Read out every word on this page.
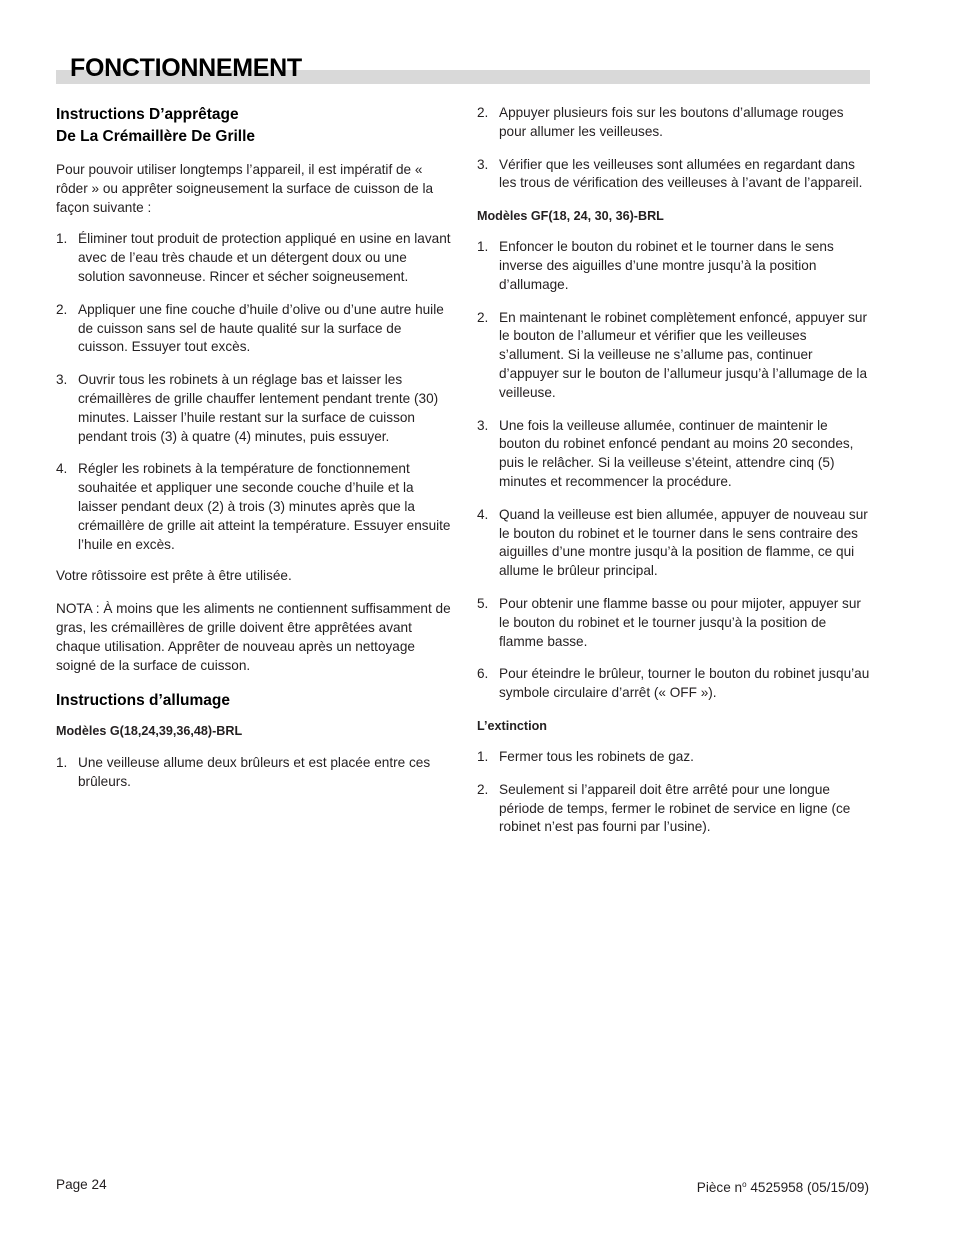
FONCTIONNEMENT
Instructions D’apprêtage
De La Crémaillère De Grille

Pour pouvoir utiliser longtemps l’appareil, il est impératif de « rôder » ou apprêter soigneusement la surface de cuisson de la façon suivante :

1. Éliminer tout produit de protection appliqué en usine en lavant avec de l’eau très chaude et un détergent doux ou une solution savonneuse. Rincer et sécher soigneusement.
2. Appliquer une fine couche d’huile d’olive ou d’une autre huile de cuisson sans sel de haute qualité sur la surface de cuisson. Essuyer tout excès.
3. Ouvrir tous les robinets à un réglage bas et laisser les crémaillères de grille chauffer lentement pendant trente (30) minutes. Laisser l’huile restant sur la surface de cuisson pendant trois (3) à quatre (4) minutes, puis essuyer.
4. Régler les robinets à la température de fonctionnement souhaitée et appliquer une seconde couche d’huile et la laisser pendant deux (2) à trois (3) minutes après que la crémaillère de grille ait atteint la température. Essuyer ensuite l’huile en excès.

Votre rôtissoire est prête à être utilisée.

NOTA : À moins que les aliments ne contiennent suffisamment de gras, les crémaillères de grille doivent être apprêtées avant chaque utilisation. Apprêter de nouveau après un nettoyage soigné de la surface de cuisson.

Instructions d’allumage
Modèles G(18,24,39,36,48)-BRL
1. Une veilleuse allume deux brûleurs et est placée entre ces brûleurs.
2. Appuyer plusieurs fois sur les boutons d’allumage rouges pour allumer les veilleuses.
3. Vérifier que les veilleuses sont allumées en regardant dans les trous de vérification des veilleuses à l’avant de l’appareil.
Modèles GF(18, 24, 30, 36)-BRL
1. Enfoncer le bouton du robinet et le tourner dans le sens inverse des aiguilles d’une montre jusqu’à la position d’allumage.
2. En maintenant le robinet complètement enfoncé, appuyer sur le bouton de l’allumeur et vérifier que les veilleuses s’allument. Si la veilleuse ne s’allume pas, continuer d’appuyer sur le bouton de l’allumeur jusqu’à l’allumage de la veilleuse.
3. Une fois la veilleuse allumée, continuer de maintenir le bouton du robinet enfoncé pendant au moins 20 secondes, puis le relâcher. Si la veilleuse s’éteint, attendre cinq (5) minutes et recommencer la procédure.
4. Quand la veilleuse est bien allumée, appuyer de nouveau sur le bouton du robinet et le tourner dans le sens contraire des aiguilles d’une montre jusqu’à la position de flamme, ce qui allume le brûleur principal.
5. Pour obtenir une flamme basse ou pour mijoter, appuyer sur le bouton du robinet et le tourner jusqu’à la position de flamme basse.
6. Pour éteindre le brûleur, tourner le bouton du robinet jusqu’au symbole circulaire d’arrêt (« OFF »).
L’extinction
1. Fermer tous les robinets de gaz.
2. Seulement si l’appareil doit être arrêté pour une longue période de temps, fermer le robinet de service en ligne (ce robinet n’est pas fourni par l’usine).
Page 24	Pièce $n^o$ 4525958 (05/15/09)
